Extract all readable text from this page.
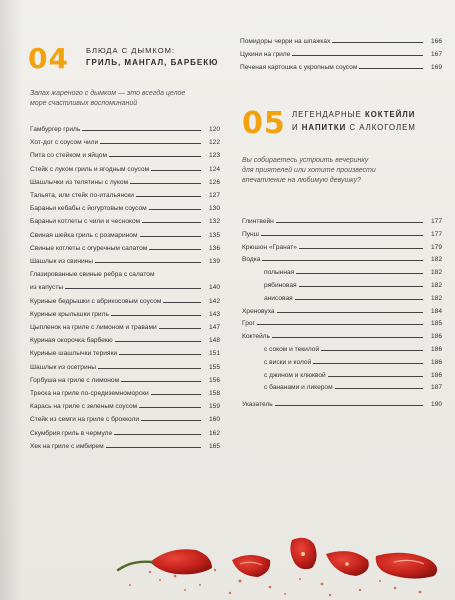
04 БЛЮДА С ДЫМКОМ:
ГРИЛЬ, МАНГАЛ, БАРБЕКЮ
Запах жареного с дымком — это всегда целое
море счастливых воспоминаний
Гамбургер гриль	120
Хот-дог с соусом чили	122
Пита со стейком и яйцом	123
Стейк с луком гриль и ягодным соусом	124
Шашлычки из телятины с луком	126
Тальята, или стейк по-итальянски	127
Бараньи кебабы с йогуртовым соусом	130
Бараньи котлеты с чили и чесноком	132
Свиная шейка гриль с розмарином	135
Свиные котлеты с огуречным салатом	136
Шашлык из свинины	139
Глазированные свиные ребра с салатом
из капусты	140
Куриные бедрышки с абрикосовым соусом	142
Куриные крылышки гриль	143
Цыпленок на гриле с лимоном и травами	147
Куриная окорочка барбекю	148
Куриные шашлычки терияки	151
Шашлык из осетрины	155
Горбуша на гриле с лимоном	156
Треска на гриле по-средиземноморски	158
Карась на гриле с зеленым соусом	159
Стейк из семги на гриле с брокколи	160
Скумбрия гриль в чермуле	162
Хек на гриле с имбирем	165
Помидоры черри на шпажках	166
Цукини на гриле	167
Печеная картошка с укропным соусом	169
05 ЛЕГЕНДАРНЫЕ КОКТЕЙЛИ
И НАПИТКИ С АЛКОГОЛЕМ
Вы собираетесь устроить вечеринку
для приятелей или хотите произвести
впечатление на любимую девушку?
Глинтвейн	177
Пунш	177
Крюшон «Гранат»	179
Водка	182
полынная	182
рябиновая	182
анисовая	182
Хреновуха	184
Грог	185
Коктейль	186
с соком и текилой	186
с виски и колой	186
с джином и клюквой	186
с бананами и ликером	187
Указатель	190
